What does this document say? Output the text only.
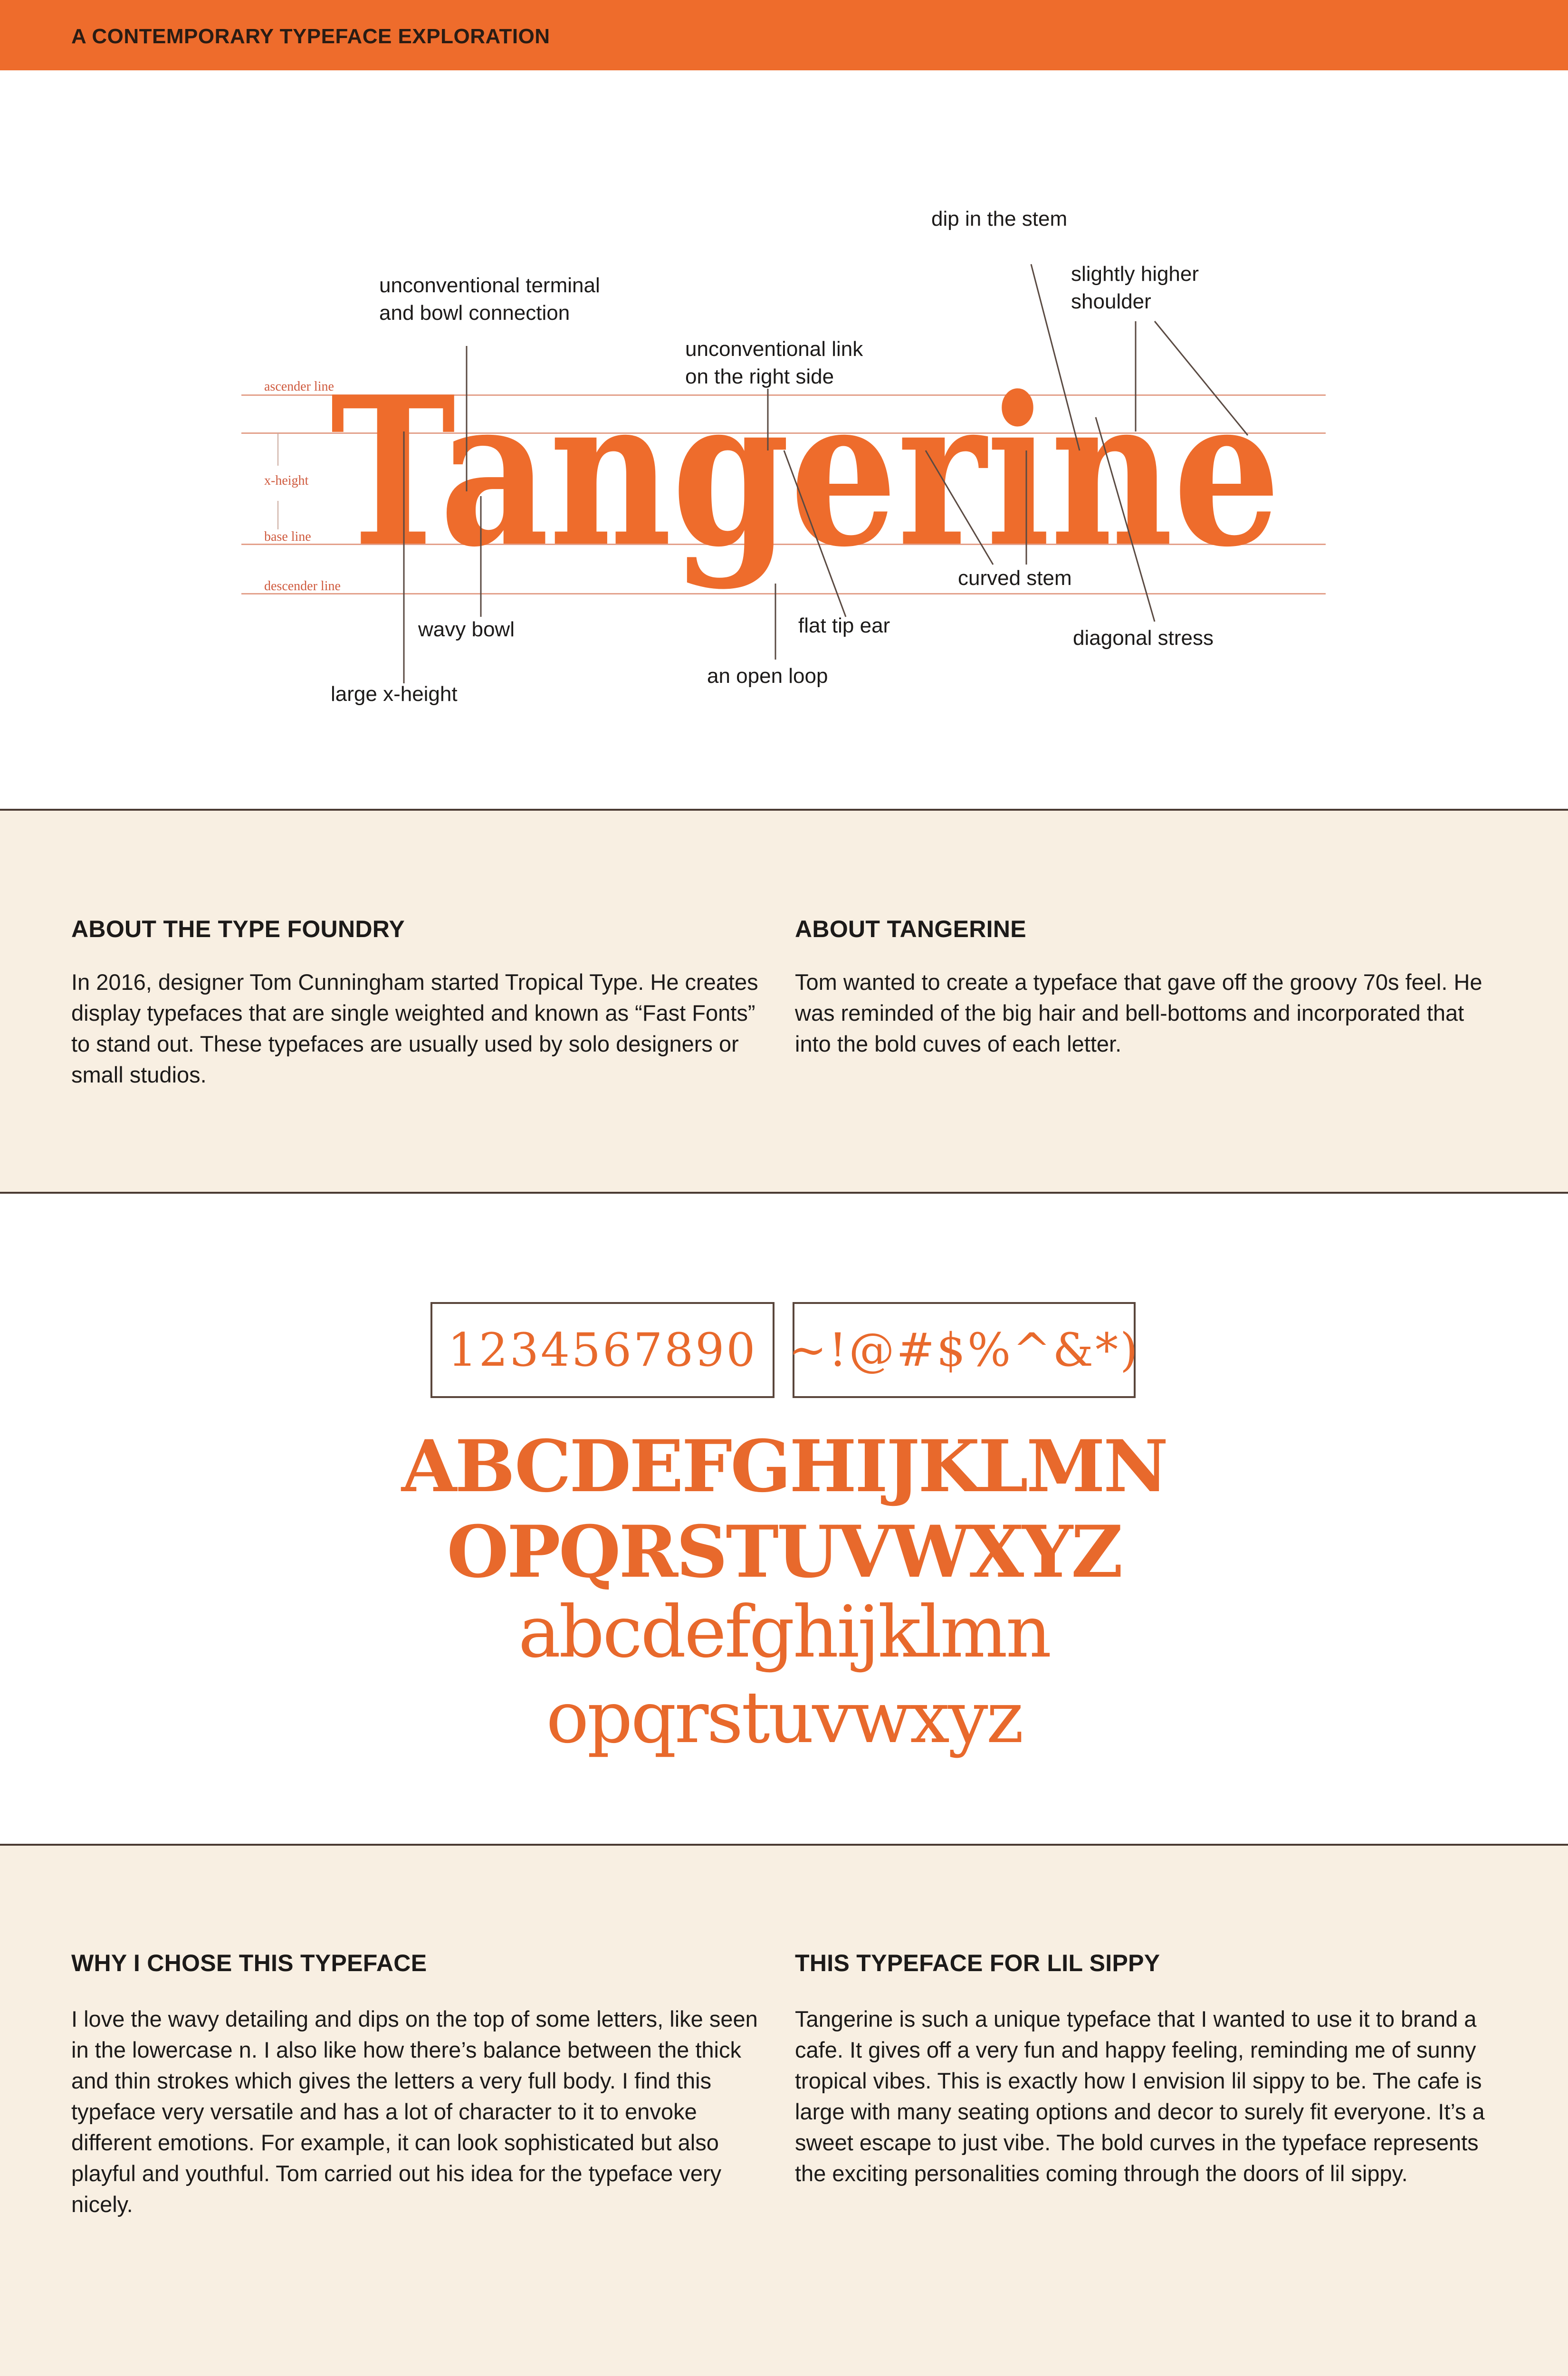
A CONTEMPORARY TYPEFACE EXPLORATION
ascender line
x-height
base line
descender line
Tangerine
unconventional terminal
and bowl connection
unconventional link
on the right side
dip in the stem
slightly higher
shoulder
wavy bowl
large x-height
flat tip ear
an open loop
curved stem
diagonal stress
ABOUT THE TYPE FOUNDRY
In 2016, designer Tom Cunningham started Tropical Type. He creates display typefaces that are single weighted and known as “Fast Fonts” to stand out. These typefaces are usually used by solo designers or small studios.
ABOUT TANGERINE
Tom wanted to create a typeface that gave off the groovy 70s feel. He was reminded of the big hair and bell-bottoms and incorporated that into the bold cuves of each letter.
1234567890 ~!@#$%^&*)
ABCDEFGHIJKLMN
OPQRSTUVWXYZ
abcdefghijklmn
opqrstuvwxyz
WHY I CHOSE THIS TYPEFACE
I love the wavy detailing and dips on the top of some letters, like seen in the lowercase n. I also like how there’s balance between the thick and thin strokes which gives the letters a very full body. I find this typeface very versatile and has a lot of character to it to envoke different emotions. For example, it can look sophisticated but also playful and youthful. Tom carried out his idea for the typeface very nicely.
THIS TYPEFACE FOR LIL SIPPY
Tangerine is such a unique typeface that I wanted to use it to brand a cafe. It gives off a very fun and happy feeling, reminding me of sunny tropical vibes. This is exactly how I envision lil sippy to be. The cafe is large with many seating options and decor to surely fit everyone. It’s a sweet escape to just vibe. The bold curves in the typeface represents the exciting personalities coming through the doors of lil sippy.
